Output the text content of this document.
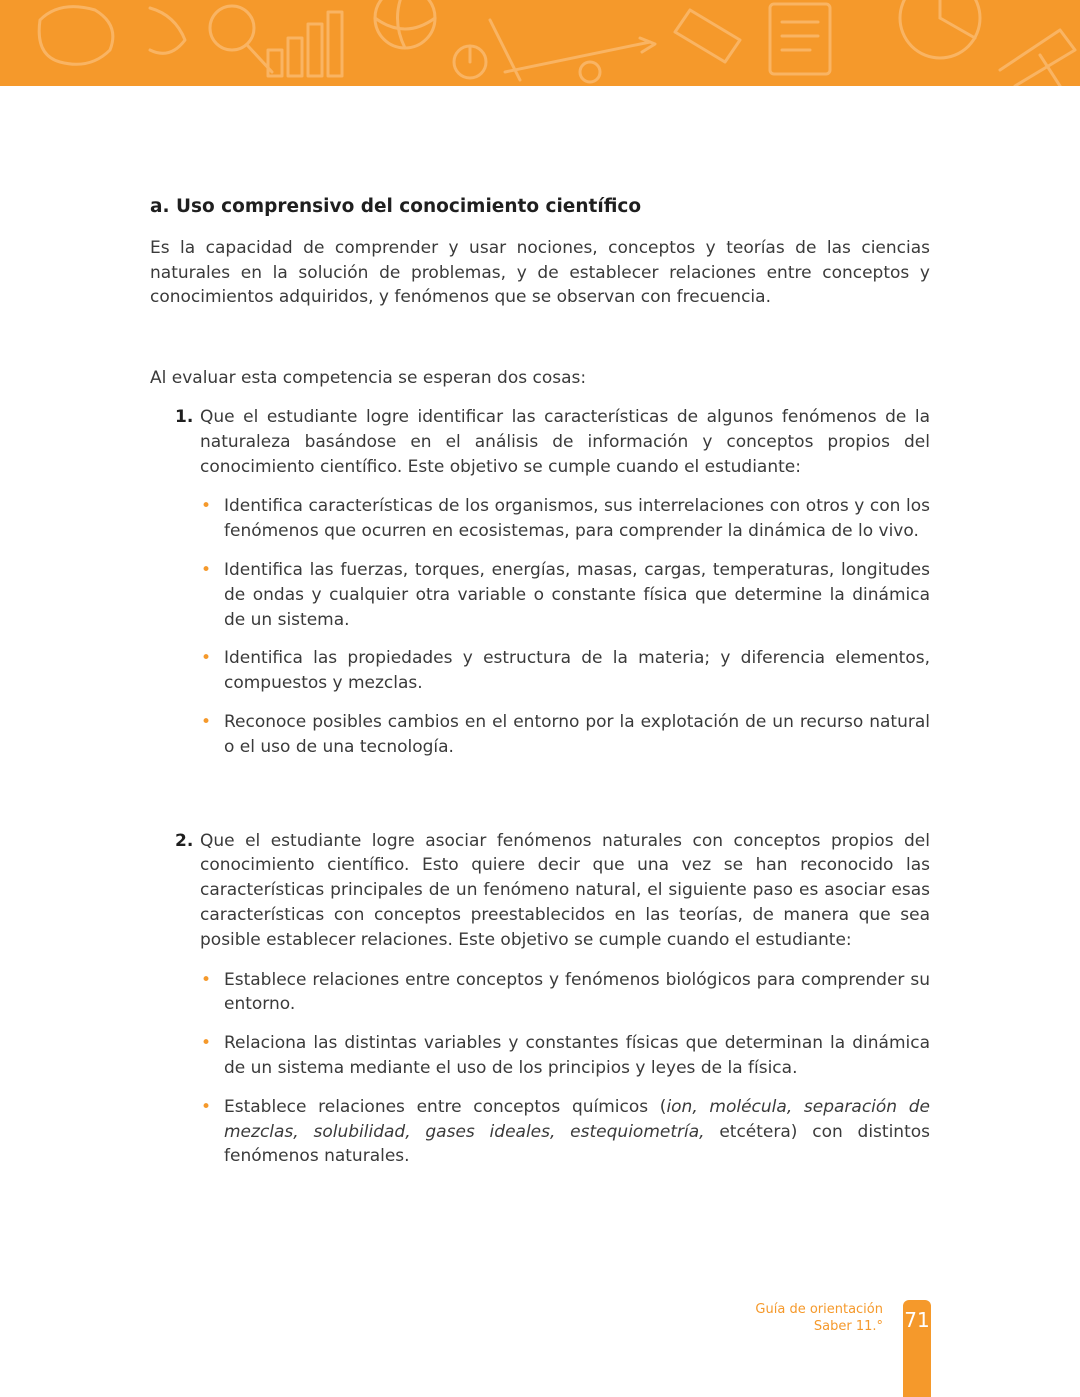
a. Uso comprensivo del conocimiento científico

Es la capacidad de comprender y usar nociones, conceptos y teorías de las ciencias naturales en la solución de problemas, y de establecer relaciones entre conceptos y conocimientos adquiridos, y fenómenos que se observan con frecuencia.

Al evaluar esta competencia se esperan dos cosas:

1. Que el estudiante logre identificar las características de algunos fenómenos de la naturaleza basándose en el análisis de información y conceptos propios del conocimiento científico. Este objetivo se cumple cuando el estudiante:

• Identifica características de los organismos, sus interrelaciones con otros y con los fenómenos que ocurren en ecosistemas, para comprender la dinámica de lo vivo.
• Identifica las fuerzas, torques, energías, masas, cargas, temperaturas, longitudes de ondas y cualquier otra variable o constante física que determine la dinámica de un sistema.
• Identifica las propiedades y estructura de la materia; y diferencia elementos, compuestos y mezclas.
• Reconoce posibles cambios en el entorno por la explotación de un recurso natural o el uso de una tecnología.
2. Que el estudiante logre asociar fenómenos naturales con conceptos propios del conocimiento científico. Esto quiere decir que una vez se han reconocido las características principales de un fenómeno natural, el siguiente paso es asociar esas características con conceptos preestablecidos en las teorías, de manera que sea posible establecer relaciones. Este objetivo se cumple cuando el estudiante:

• Establece relaciones entre conceptos y fenómenos biológicos para comprender su entorno.
• Relaciona las distintas variables y constantes físicas que determinan la dinámica de un sistema mediante el uso de los principios y leyes de la física.
• Establece relaciones entre conceptos químicos (ion, molécula, separación de mezclas, solubilidad, gases ideales, estequiometría, etcétera) con distintos fenómenos naturales.
Guía de orientación
Saber 11.° 71
